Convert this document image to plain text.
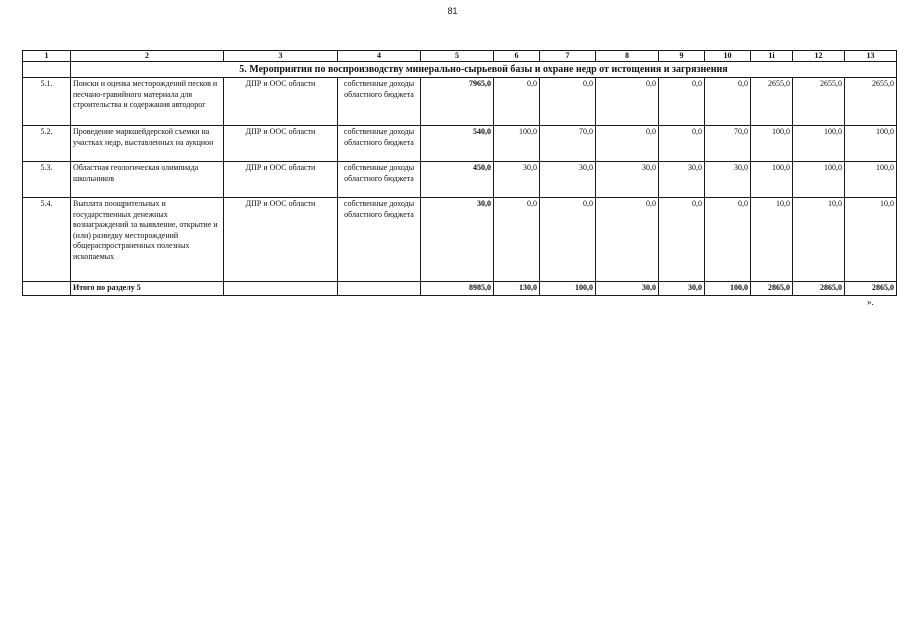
81
1	2	3	4	5	6	7	8	9	10	1i	12	13
	5. Мероприятия по воспроизводству минерально-сырьевой базы и охране недр от истощения и загрязнения											
5.1.	Поиски и оценка месторождений песков и песчано-гравийного материала для строительства и содержания автодорог	ДПР и ООС области	собственные доходы областного бюджета	7965,0	0,0	0,0	0,0	0,0	0,0	2655,0	2655,0	2655,0
5.2.	Проведение маркшейдерской съемки на участках недр, выставленных на аукцион	ДПР и ООС области	собственные доходы областного бюджета	540,0	100,0	70,0	0,0	0,0	70,0	100,0	100,0	100,0
5.3.	Областная геологическая олимпиада школьников	ДПР и ООС области	собственные доходы областного бюджета	450,0	30,0	30,0	30,0	30,0	30,0	100,0	100,0	100,0
5.4.	Выплата поощрительных и государственных денежных вознаграждений за выявление, открытие и (или) разведку месторождений общераспространенных полезных ископаемых	ДПР и ООС области	собственные доходы областного бюджета	30,0	0,0	0,0	0,0	0,0	0,0	10,0	10,0	10,0
	Итого по разделу 5			8985,0	130,0	100,0	30,0	30,0	100,0	2865,0	2865,0	2865,0
».
